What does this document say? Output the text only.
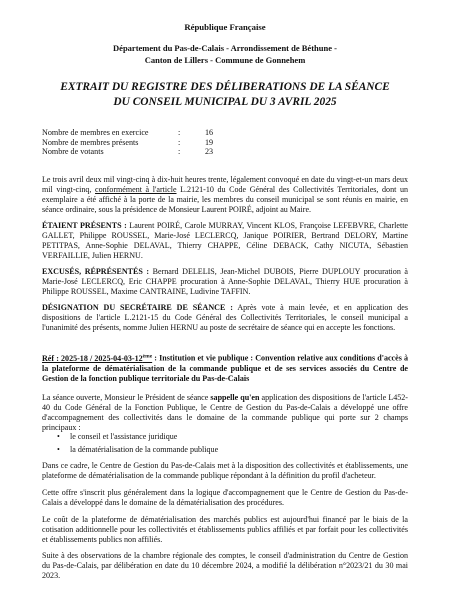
République Française
Département du Pas-de-Calais - Arrondissement de Béthune -
Canton de Lillers - Commune de Gonnehem
EXTRAIT DU REGISTRE DES DÉLIBERATIONS DE LA SÉANCE
DU CONSEIL MUNICIPAL DU 3 AVRIL 2025
Nombre de membres en exercice	:	16
Nombre de membres présents	:	19
Nombre de votants	:	23
Le trois avril deux mil vingt-cinq à dix-huit heures trente, légalement convoqué en date du vingt-et-un mars deux mil vingt-cinq, conformément à l'article L.2121-10 du Code Général des Collectivités Territoriales, dont un exemplaire a été affiché à la porte de la mairie, les membres du conseil municipal se sont réunis en mairie, en séance ordinaire, sous la présidence de Monsieur Laurent POIRÉ, adjoint au Maire.
ÉTAIENT PRÉSENTS : Laurent POIRÉ, Carole MURRAY, Vincent KLOS, Françoise LEFEBVRE, Charlette GALLET, Philippe ROUSSEL, Marie-José LECLERCQ, Janique POIRIER, Bertrand DELORY, Martine PETITPAS, Anne-Sophie DELAVAL, Thierry CHAPPE, Céline DEBACK, Cathy NICUTA, Sébastien VERFAILLIE, Julien HERNU.
EXCUSÉS, RÉPRÉSENTÉS : Bernard DELELIS, Jean-Michel DUBOIS, Pierre DUPLOUY procuration à Marie-José LECLERCQ, Eric CHAPPE procuration à Anne-Sophie DELAVAL, Thierry HUE procuration à Philippe ROUSSEL, Maxime CANTRAINE, Ludivine TAFFIN.
DÉSIGNATION DU SECRÉTAIRE DE SÉANCE : Après vote à main levée, et en application des dispositions de l'article L.2121-15 du Code Général des Collectivités Territoriales, le conseil municipal a l'unanimité des présents, nomme Julien HERNU au poste de secrétaire de séance qui en accepte les fonctions.
Réf : 2025-18 / 2025-04-03-12ème : Institution et vie publique : Convention relative aux conditions d'accès à la plateforme de dématérialisation de la commande publique et de ses services associés du Centre de Gestion de la fonction publique territoriale du Pas-de-Calais
La séance ouverte, Monsieur le Président de séance sappelle qu'en application des dispositions de l'article L452-40 du Code Général de la Fonction Publique, le Centre de Gestion du Pas-de-Calais a développé une offre d'accompagnement des collectivités dans le domaine de la commande publique qui porte sur 2 champs principaux :
• le conseil et l'assistance juridique
• la dématérialisation de la commande publique
Dans ce cadre, le Centre de Gestion du Pas-de-Calais met à la disposition des collectivités et établissements, une plateforme de dématérialisation de la commande publique répondant à la définition du profil d'acheteur.
Cette offre s'inscrit plus généralement dans la logique d'accompagnement que le Centre de Gestion du Pas-de-Calais a développé dans le domaine de la dématérialisation des procédures.
Le coût de la plateforme de dématérialisation des marchés publics est aujourd'hui financé par le biais de la cotisation additionnelle pour les collectivités et établissements publics affiliés et par forfait pour les collectivités et établissements publics non affiliés.
Suite à des observations de la chambre régionale des comptes, le conseil d'administration du Centre de Gestion du Pas-de-Calais, par délibération en date du 10 décembre 2024, a modifié la délibération n°2023/21 du 30 mai 2023.
